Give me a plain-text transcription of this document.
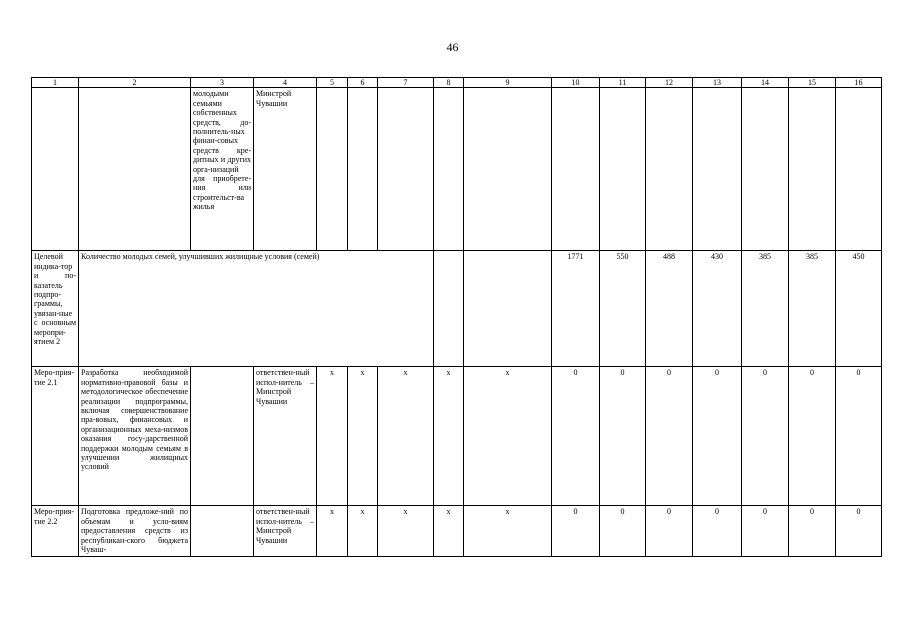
46
1	2	3	4	5	6	7	8	9	10	11	12	13	14	15	16
		молодыми семьями собственных средств, до-полнитель-ных финан-совых средств кре-дитных и других орга-низаций для приобрете-ния или строительст-ва жилья	Минстрой Чувашии												
Целевой индика-тор и по-казатель подпро-граммы, увязан-ные с основным меропри-ятием 2	Количество молодых семей, улучшивших жилищные условия (семей)								1771	550	488	430	385	385	450
Меро-прия-тие 2.1	Разработка необходимой нормативно-правовой базы и методологическое обеспечение реализации подпрограммы, включая совершенствование пра-вовых, финансовых и организационных меха-низмов оказания госу-дарственной поддержки молодым семьям в улучшении жилищных условий		ответствен-ный испол-нитель – Минстрой Чувашии	x	x	x	x	x	0	0	0	0	0	0	0
Меро-прия-тие 2.2	Подготовка предложе-ний по объемам и усло-виям предоставления средств из республикан-ского бюджета Чуваш-		ответствен-ный испол-нитель – Минстрой Чувашии	x	x	x	x	x	0	0	0	0	0	0	0
